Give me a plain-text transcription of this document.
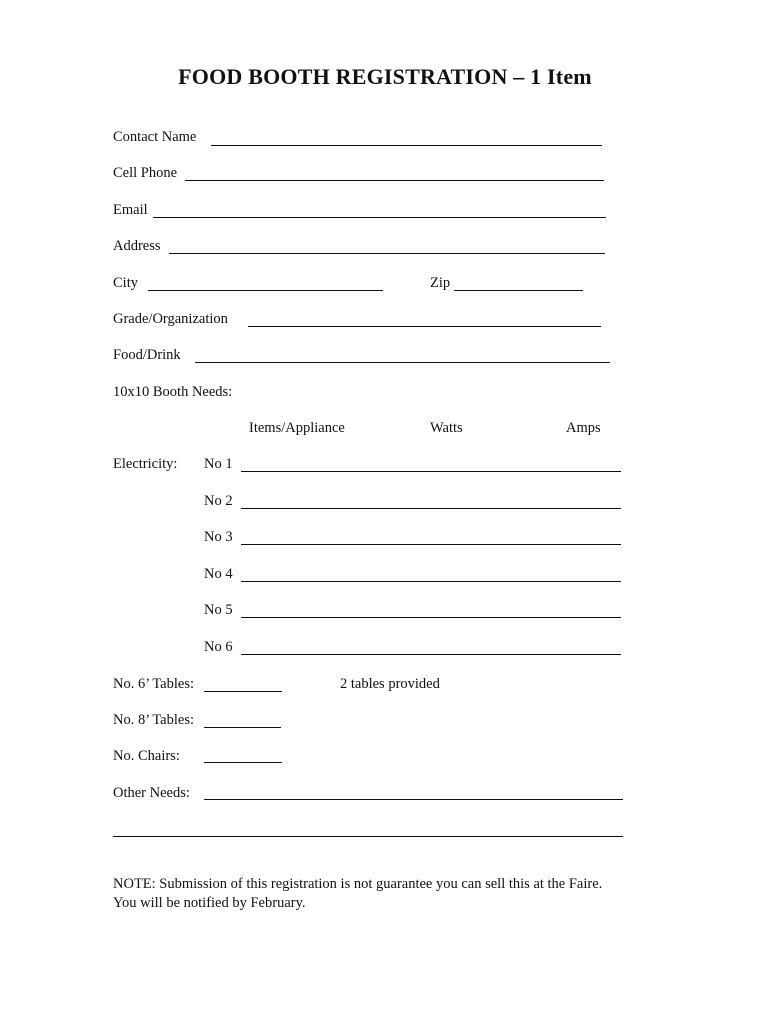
FOOD BOOTH REGISTRATION – 1 Item
Contact Name
Cell Phone
Email
Address
City	Zip
Grade/Organization
Food/Drink
10x10 Booth Needs:
Items/Appliance	Watts	Amps
Electricity: No 1
No 2
No 3
No 4
No 5
No 6
No. 6’ Tables:	2 tables provided
No. 8’ Tables:
No. Chairs:
Other Needs:
NOTE: Submission of this registration is not guarantee you can sell this at the Faire.
You will be notified by February.
